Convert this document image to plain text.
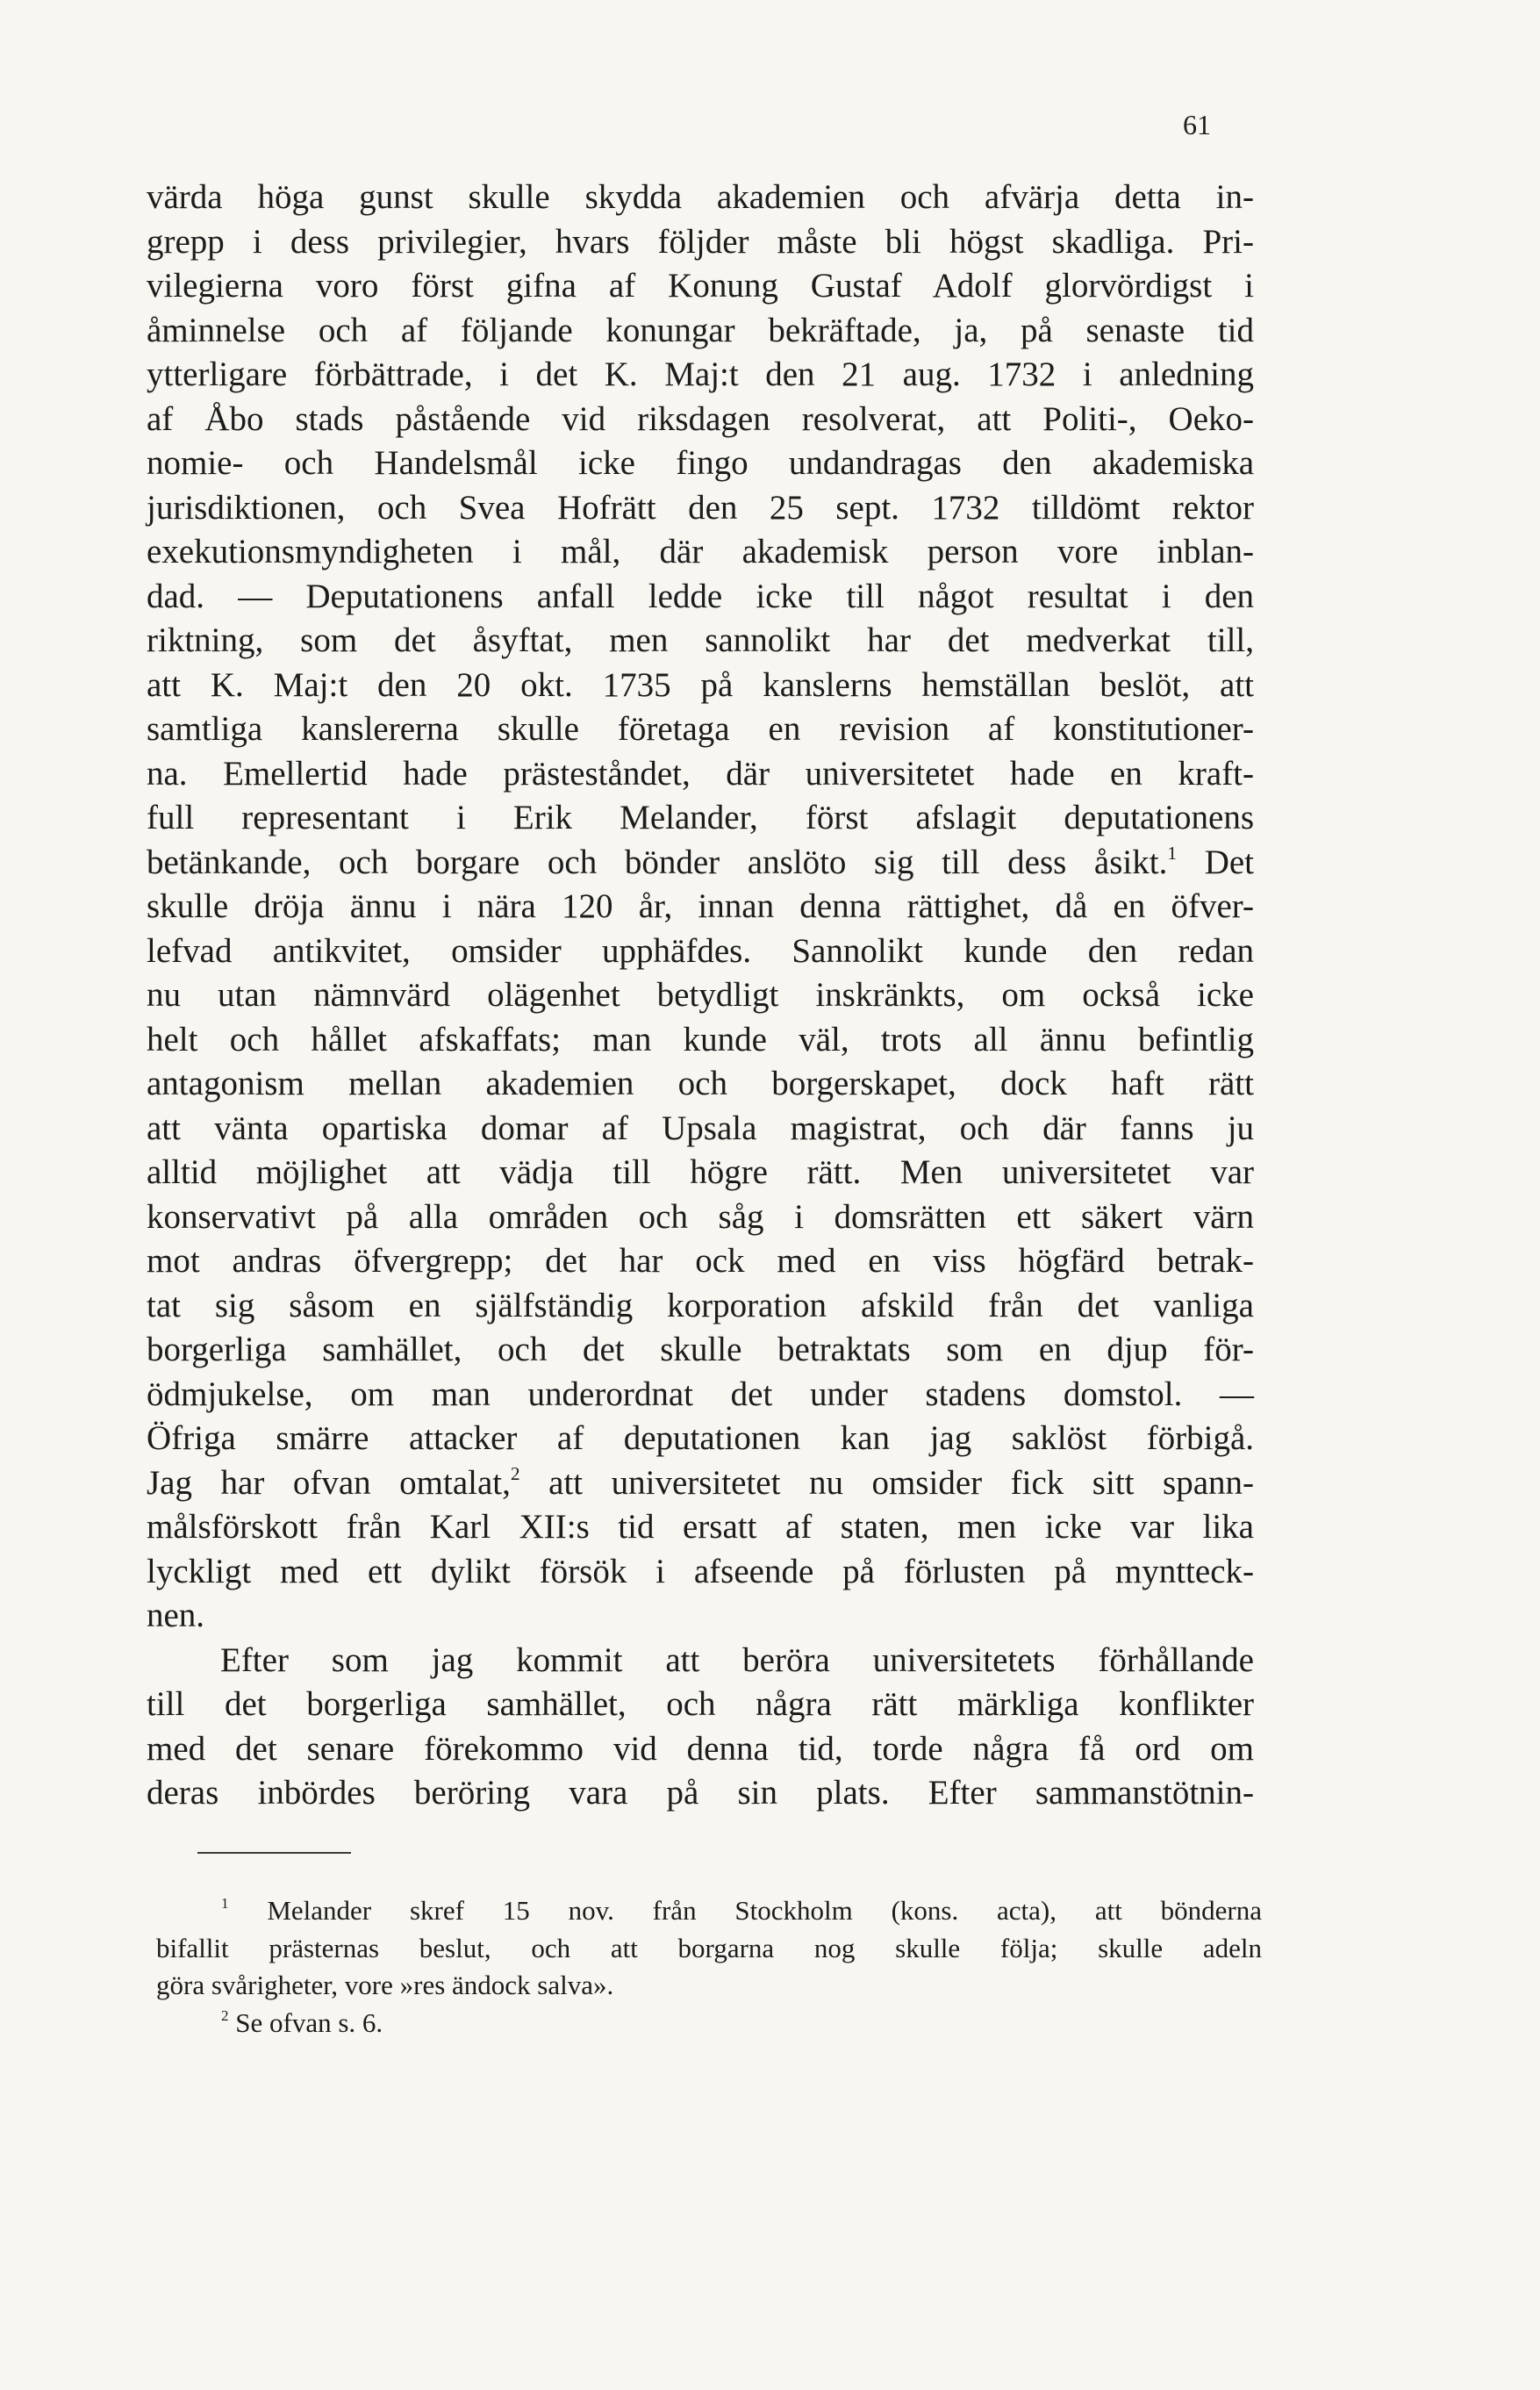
61
värda höga gunst skulle skydda akademien och afvärja detta in-
grepp i dess privilegier, hvars följder måste bli högst skadliga. Pri-
vilegierna voro först gifna af Konung Gustaf Adolf glorvördigst i
åminnelse och af följande konungar bekräftade, ja, på senaste tid
ytterligare förbättrade, i det K. Maj:t den 21 aug. 1732 i anledning
af Åbo stads påstående vid riksdagen resolverat, att Politi-, Oeko-
nomie- och Handelsmål icke fingo undandragas den akademiska
jurisdiktionen, och Svea Hofrätt den 25 sept. 1732 tilldömt rektor
exekutionsmyndigheten i mål, där akademisk person vore inblan-
dad. — Deputationens anfall ledde icke till något resultat i den
riktning, som det åsyftat, men sannolikt har det medverkat till,
att K. Maj:t den 20 okt. 1735 på kanslerns hemställan beslöt, att
samtliga kanslererna skulle företaga en revision af konstitutioner-
na. Emellertid hade prästeståndet, där universitetet hade en kraft-
full representant i Erik Melander, först afslagit deputationens
betänkande, och borgare och bönder anslöto sig till dess åsikt.$^1$ Det
skulle dröja ännu i nära 120 år, innan denna rättighet, då en öfver-
lefvad antikvitet, omsider upphäfdes. Sannolikt kunde den redan
nu utan nämnvärd olägenhet betydligt inskränkts, om också icke
helt och hållet afskaffats; man kunde väl, trots all ännu befintlig
antagonism mellan akademien och borgerskapet, dock haft rätt
att vänta opartiska domar af Upsala magistrat, och där fanns ju
alltid möjlighet att vädja till högre rätt. Men universitetet var
konservativt på alla områden och såg i domsrätten ett säkert värn
mot andras öfvergrepp; det har ock med en viss högfärd betrak-
tat sig såsom en själfständig korporation afskild från det vanliga
borgerliga samhället, och det skulle betraktats som en djup för-
ödmjukelse, om man underordnat det under stadens domstol. —
Öfriga smärre attacker af deputationen kan jag saklöst förbigå.
Jag har ofvan omtalat,$^2$ att universitetet nu omsider fick sitt spann-
målsförskott från Karl XII:s tid ersatt af staten, men icke var lika
lyckligt med ett dylikt försök i afseende på förlusten på myntteck-
nen.
Efter som jag kommit att beröra universitetets förhållande
till det borgerliga samhället, och några rätt märkliga konflikter
med det senare förekommo vid denna tid, torde några få ord om
deras inbördes beröring vara på sin plats. Efter sammanstötnin-
$^1$ Melander skref 15 nov. från Stockholm (kons. acta), att bönderna
bifallit prästernas beslut, och att borgarna nog skulle följa; skulle adeln
göra svårigheter, vore »res ändock salva».
$^2$ Se ofvan s. 6.
